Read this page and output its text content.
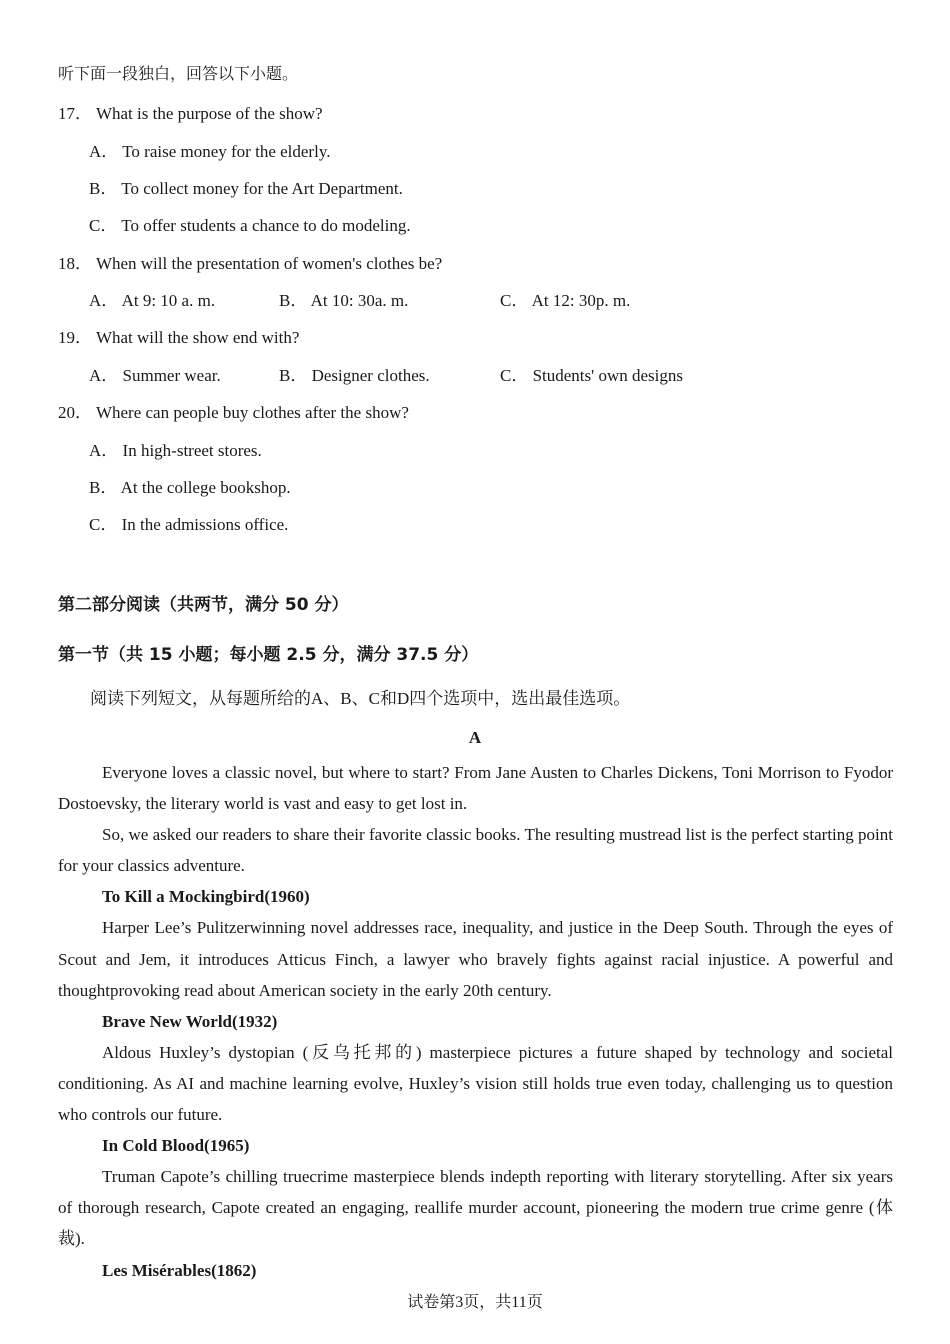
听下面一段独白，回答以下小题。
17． What is the purpose of the show?
A． To raise money for the elderly.
B． To collect money for the Art Department.
C． To offer students a chance to do modeling.
18． When will the presentation of women's clothes be?
A． At 9: 10 a. m.	B． At 10: 30a. m.	C． At 12: 30p. m.
19． What will the show end with?
A． Summer wear.	B． Designer clothes.	C． Students' own designs
20． Where can people buy clothes after the show?
A． In high-street stores.
B． At the college bookshop.
C． In the admissions office.
第二部分阅读（共两节，满分 50 分）
第一节（共 15 小题；每小题 2.5 分，满分 37.5 分）
阅读下列短文，从每题所给的A、B、C和D四个选项中，选出最佳选项。
A

Everyone loves a classic novel, but where to start? From Jane Austen to Charles Dickens, Toni Morrison to Fyodor Dostoevsky, the literary world is vast and easy to get lost in.

So, we asked our readers to share their favorite classic books. The resulting mustread list is the perfect starting point for your classics adventure.

To Kill a Mockingbird(1960)

Harper Lee’s Pulitzerwinning novel addresses race, inequality, and justice in the Deep South. Through the eyes of Scout and Jem, it introduces Atticus Finch, a lawyer who bravely fights against racial injustice. A powerful and thoughtprovoking read about American society in the early 20th century.

Brave New World(1932)

Aldous Huxley’s dystopian (反乌托邦的) masterpiece pictures a future shaped by technology and societal conditioning. As AI and machine learning evolve, Huxley’s vision still holds true even today, challenging us to question who controls our future.

In Cold Blood(1965)

Truman Capote’s chilling truecrime masterpiece blends indepth reporting with literary storytelling. After six years of thorough research, Capote created an engaging, reallife murder account, pioneering the modern true crime genre (体裁).

Les Misérables(1862)

试卷第3页，共11页
